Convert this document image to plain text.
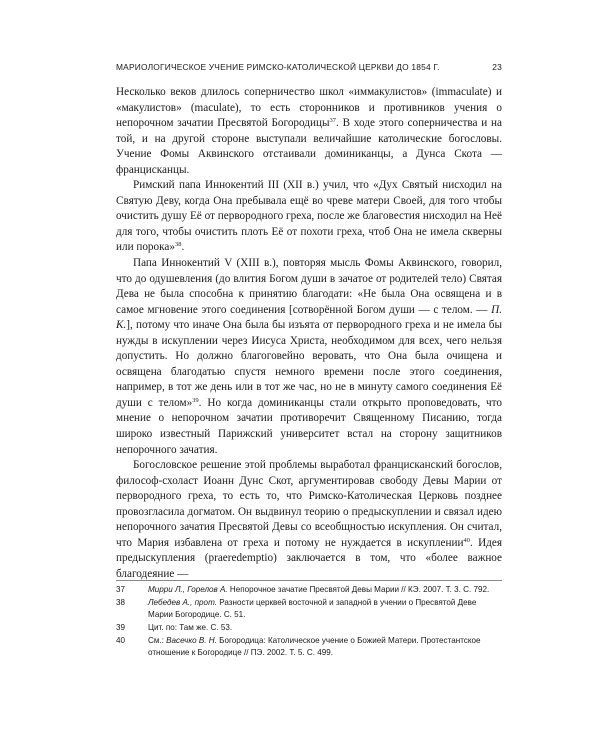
МАРИОЛОГИЧЕСКОЕ УЧЕНИЕ РИМСКО-КАТОЛИЧЕСКОЙ ЦЕРКВИ ДО 1854 Г.	23

Несколько веков длилось соперничество школ «иммакулистов» (immaculate) и «макулистов» (maculate), то есть сторонников и противников учения о непорочном зачатии Пресвятой Богородицы$^{37}$. В ходе этого соперничества и на той, и на другой стороне выступали величайшие католические богословы. Учение Фомы Аквинского отстаивали доминиканцы, а Дунса Скота — францисканцы.

Римский папа Иннокентий III (XII в.) учил, что «Дух Святый нисходил на Святую Деву, когда Она пребывала ещё во чреве матери Своей, для того чтобы очистить душу Её от первородного греха, после же благовестия нисходил на Неё для того, чтобы очистить плоть Её от похоти греха, чтоб Она не имела скверны или порока»$^{38}$.

Папа Иннокентий V (XIII в.), повторяя мысль Фомы Аквинского, говорил, что до одушевления (до влития Богом души в зачатое от родителей тело) Святая Дева не была способна к принятию благодати: «Не была Она освящена и в самое мгновение этого соединения [сотворённой Богом души — с телом. — П. К.], потому что иначе Она была бы изъята от первородного греха и не имела бы нужды в искуплении через Иисуса Христа, необходимом для всех, чего нельзя допустить. Но должно благоговейно веровать, что Она была очищена и освящена благодатью спустя немного времени после этого соединения, например, в тот же день или в тот же час, но не в минуту самого соединения Её души с телом»$^{39}$. Но когда доминиканцы стали открыто проповедовать, что мнение о непорочном зачатии противоречит Священному Писанию, тогда широко известный Парижский университет встал на сторону защитников непорочного зачатия.

Богословское решение этой проблемы выработал францисканский богослов, философ-схоласт Иоанн Дунс Скот, аргументировав свободу Девы Марии от первородного греха, то есть то, что Римско-Католическая Церковь позднее провозгласила догматом. Он выдвинул теорию о предыскуплении и связал идею непорочного зачатия Пресвятой Девы со всеобщностью искупления. Он считал, что Мария избавлена от греха и потому не нуждается в искуплении$^{40}$. Идея предыскупления (praeredemptio) заключается в том, что «более важное благодеяние —

37	Мирри Л., Горелов А. Непорочное зачатие Пресвятой Девы Марии // КЭ. 2007. Т. 3. С. 792.
38	Лебедев А., прот. Разности церквей восточной и западной в учении о Пресвятой Деве Марии Богородице. С. 51.
39	Цит. по: Там же. С. 53.
40	См.: Васечко В. Н. Богородица: Католическое учение о Божией Матери. Протестантское отношение к Богородице // ПЭ. 2002. Т. 5. С. 499.
